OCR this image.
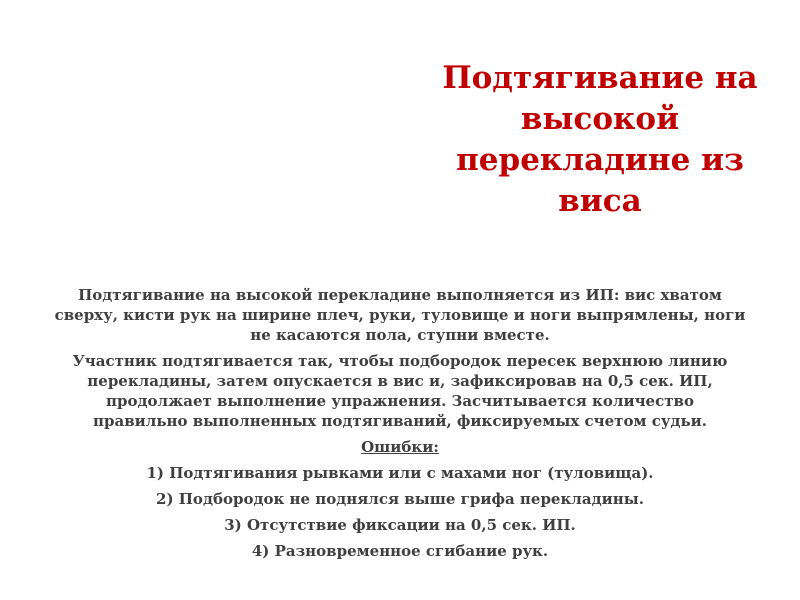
Подтягивание на
высокой
перекладине из
виса

Подтягивание на высокой перекладине выполняется из ИП: вис хватом
сверху, кисти рук на ширине плеч, руки, туловище и ноги выпрямлены, ноги
не касаются пола, ступни вместе.

Участник подтягивается так, чтобы подбородок пересек верхнюю линию
перекладины, затем опускается в вис и, зафиксировав на 0,5 сек. ИП,
продолжает выполнение упражнения. Засчитывается количество
правильно выполненных подтягиваний, фиксируемых счетом судьи.

Ошибки:

1) Подтягивания рывками или с махами ног (туловища).

2) Подбородок не поднялся выше грифа перекладины.

3) Отсутствие фиксации на 0,5 сек. ИП.

4) Разновременное сгибание рук.
